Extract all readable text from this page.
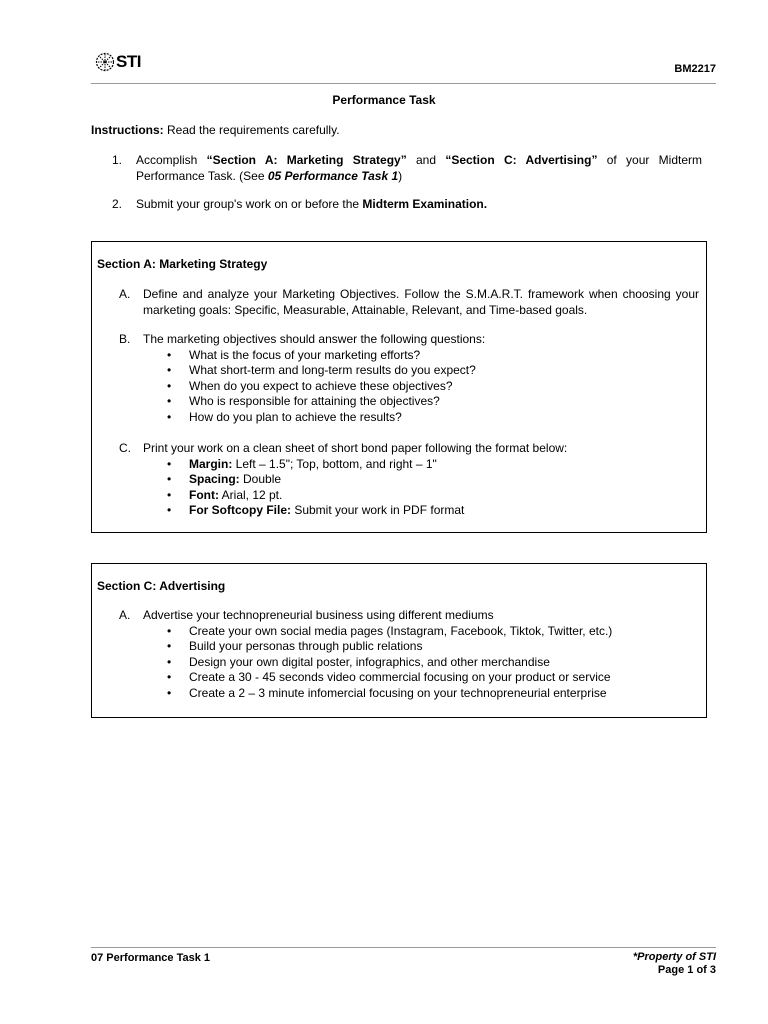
STI	BM2217
Performance Task
Instructions: Read the requirements carefully.
1. Accomplish “Section A: Marketing Strategy” and “Section C: Advertising” of your Midterm Performance Task. (See 05 Performance Task 1)
2. Submit your group's work on or before the Midterm Examination.
Section A: Marketing Strategy
A. Define and analyze your Marketing Objectives. Follow the S.M.A.R.T. framework when choosing your marketing goals: Specific, Measurable, Attainable, Relevant, and Time-based goals.
B. The marketing objectives should answer the following questions:
• What is the focus of your marketing efforts?
• What short-term and long-term results do you expect?
• When do you expect to achieve these objectives?
• Who is responsible for attaining the objectives?
• How do you plan to achieve the results?
C. Print your work on a clean sheet of short bond paper following the format below:
• Margin: Left – 1.5"; Top, bottom, and right – 1"
• Spacing: Double
• Font: Arial, 12 pt.
• For Softcopy File: Submit your work in PDF format
Section C: Advertising
A. Advertise your technopreneurial business using different mediums
• Create your own social media pages (Instagram, Facebook, Tiktok, Twitter, etc.)
• Build your personas through public relations
• Design your own digital poster, infographics, and other merchandise
• Create a 30 - 45 seconds video commercial focusing on your product or service
• Create a 2 – 3 minute infomercial focusing on your technopreneurial enterprise
07 Performance Task 1	*Property of STI
Page 1 of 3
